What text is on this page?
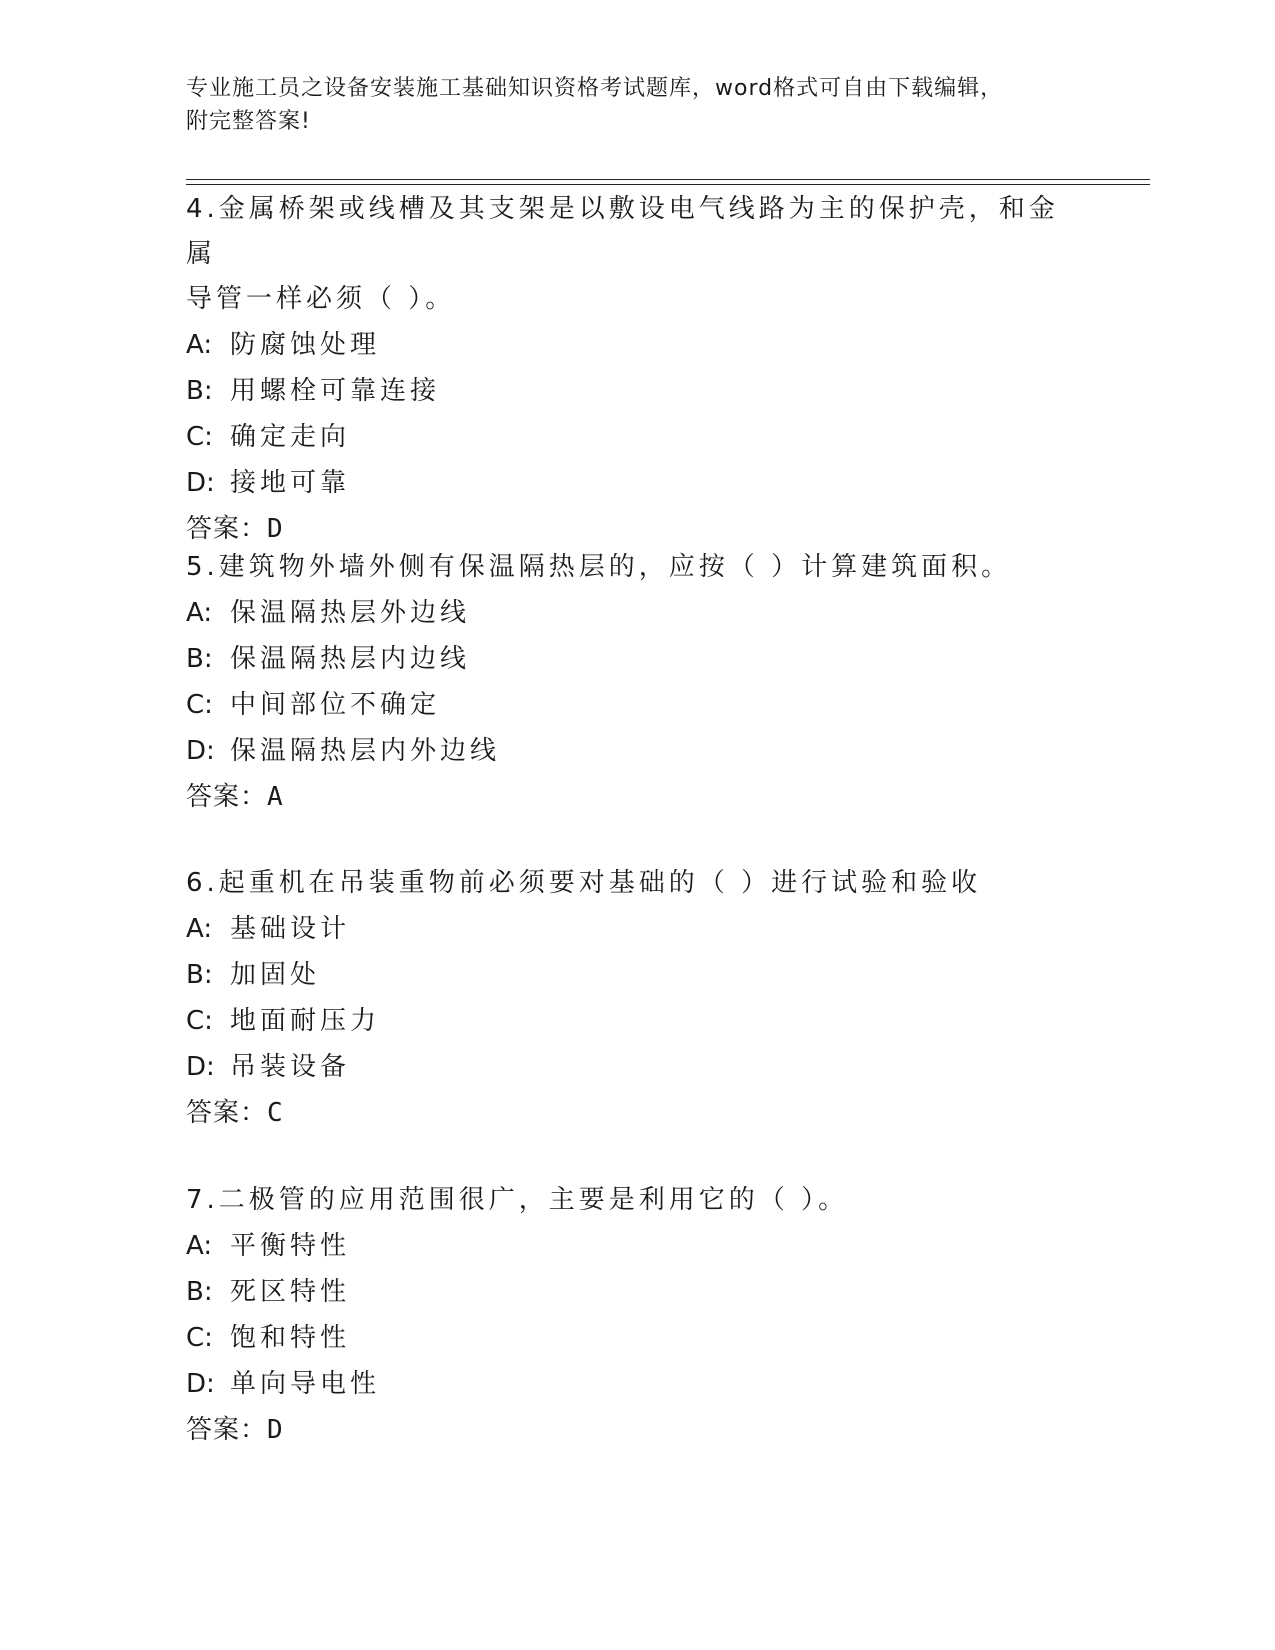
专业施工员之设备安装施工基础知识资格考试题库，word格式可自由下载编辑，
附完整答案!

4.金属桥架或线槽及其支架是以敷设电气线路为主的保护壳，和金属

导管一样必须（ ）。

A: 防腐蚀处理

B: 用螺栓可靠连接

C: 确定走向

D: 接地可靠

答案：D

5.建筑物外墙外侧有保温隔热层的，应按（ ）计算建筑面积。

A: 保温隔热层外边线

B: 保温隔热层内边线

C: 中间部位不确定

D: 保温隔热层内外边线

答案：A

6.起重机在吊装重物前必须要对基础的（ ）进行试验和验收

A: 基础设计

B: 加固处

C: 地面耐压力

D: 吊装设备

答案：C

7.二极管的应用范围很广，主要是利用它的（ ）。

A: 平衡特性

B: 死区特性

C: 饱和特性

D: 单向导电性

答案：D
